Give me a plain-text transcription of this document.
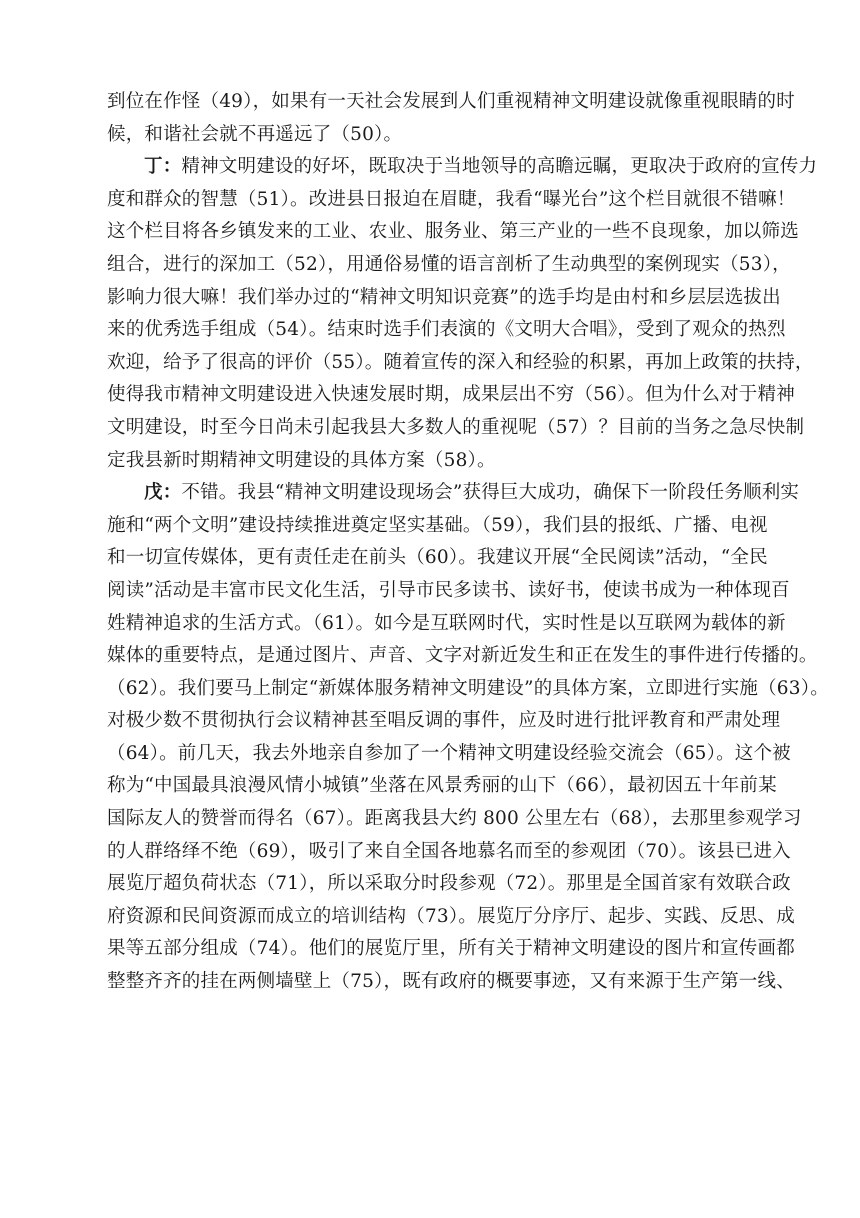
到位在作怪（49），如果有一天社会发展到人们重视精神文明建设就像重视眼睛的时

候，和谐社会就不再遥远了（50）。

丁：精神文明建设的好坏，既取决于当地领导的高瞻远瞩，更取决于政府的宣传力

度和群众的智慧（51）。改进县日报迫在眉睫，我看“曝光台”这个栏目就很不错嘛！

这个栏目将各乡镇发来的工业、农业、服务业、第三产业的一些不良现象，加以筛选

组合，进行的深加工（52），用通俗易懂的语言剖析了生动典型的案例现实（53），

影响力很大嘛！我们举办过的“精神文明知识竞赛”的选手均是由村和乡层层选拔出

来的优秀选手组成（54）。结束时选手们表演的《文明大合唱》，受到了观众的热烈

欢迎，给予了很高的评价（55）。随着宣传的深入和经验的积累，再加上政策的扶持，

使得我市精神文明建设进入快速发展时期，成果层出不穷（56）。但为什么对于精神

文明建设，时至今日尚未引起我县大多数人的重视呢（57）？目前的当务之急尽快制

定我县新时期精神文明建设的具体方案（58）。

戊：不错。我县“精神文明建设现场会”获得巨大成功，确保下一阶段任务顺利实

施和“两个文明”建设持续推进奠定坚实基础。（59），我们县的报纸、广播、电视

和一切宣传媒体，更有责任走在前头（60）。我建议开展“全民阅读”活动，“全民

阅读”活动是丰富市民文化生活，引导市民多读书、读好书，使读书成为一种体现百

姓精神追求的生活方式。（61）。如今是互联网时代，实时性是以互联网为载体的新

媒体的重要特点，是通过图片、声音、文字对新近发生和正在发生的事件进行传播的。

（62）。我们要马上制定“新媒体服务精神文明建设”的具体方案，立即进行实施（63）。

对极少数不贯彻执行会议精神甚至唱反调的事件，应及时进行批评教育和严肃处理

（64）。前几天，我去外地亲自参加了一个精神文明建设经验交流会（65）。这个被

称为“中国最具浪漫风情小城镇”坐落在风景秀丽的山下（66），最初因五十年前某

国际友人的赞誉而得名（67）。距离我县大约 800 公里左右（68），去那里参观学习

的人群络绎不绝（69），吸引了来自全国各地慕名而至的参观团（70）。该县已进入

展览厅超负荷状态（71），所以采取分时段参观（72）。那里是全国首家有效联合政

府资源和民间资源而成立的培训结构（73）。展览厅分序厅、起步、实践、反思、成

果等五部分组成（74）。他们的展览厅里，所有关于精神文明建设的图片和宣传画都

整整齐齐的挂在两侧墙壁上（75），既有政府的概要事迹，又有来源于生产第一线、
